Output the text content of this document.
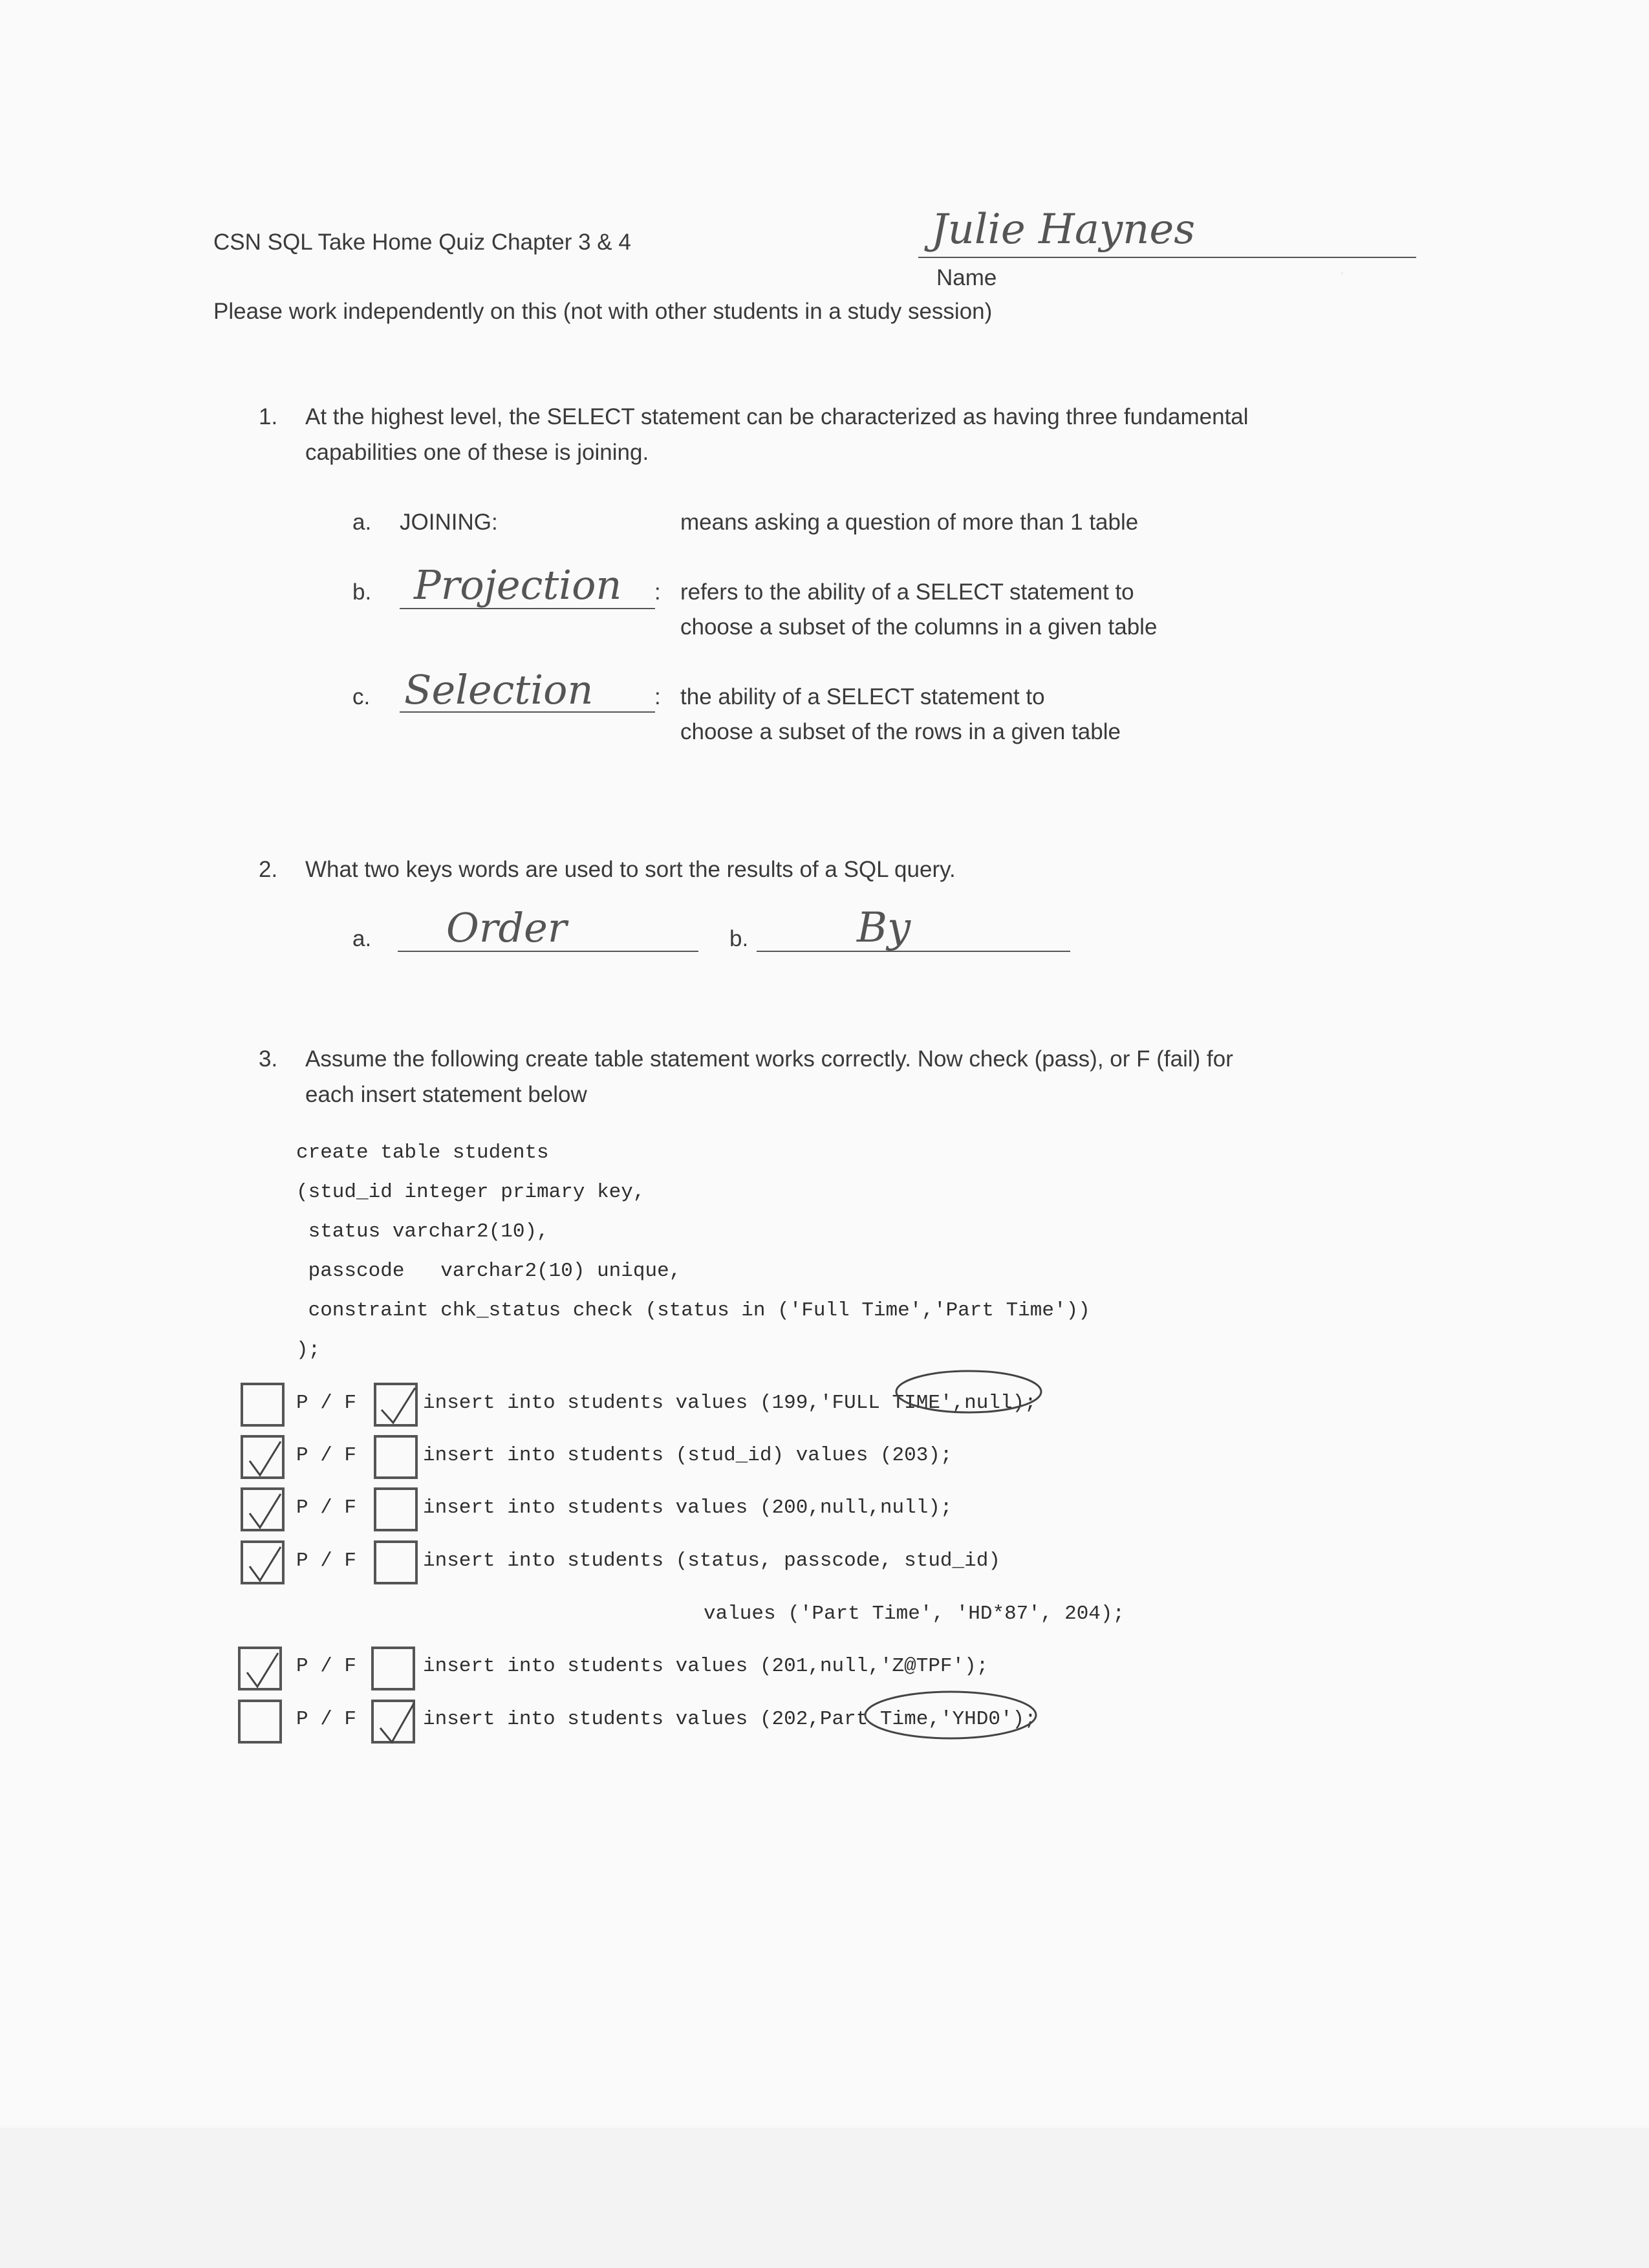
.
CSN SQL Take Home Quiz Chapter 3 & 4	Julie Haynes
Name
Please work independently on this (not with other students in a study session)
1. At the highest level, the SELECT statement can be characterized as having three fundamental
capabilities one of these is joining.
a. JOINING:	means asking a question of more than 1 table
b. Projection : refers to the ability of a SELECT statement to
choose a subset of the columns in a given table
c. Selection	: the ability of a SELECT statement to
choose a subset of the rows in a given table
2. What two keys words are used to sort the results of a SQL query.
a. Order	b.	By
3. Assume the following create table statement works correctly. Now check (pass), or F (fail) for
each insert statement below
create table students
(stud_id integer primary key,
status varchar2(10),
passcode   varchar2(10) unique,
constraint chk_status check (status in ('Full Time','Part Time'))
);
P / F	insert into students values (199,'FULL TIME',null);
P / F	insert into students (stud_id) values (203);
P / F	insert into students values (200,null,null);
P / F	insert into students (status, passcode, stud_id)
values ('Part Time', 'HD*87', 204);
P / F	insert into students values (201,null,'Z@TPF');
P / F	insert into students values (202,Part Time,'YHD0');
